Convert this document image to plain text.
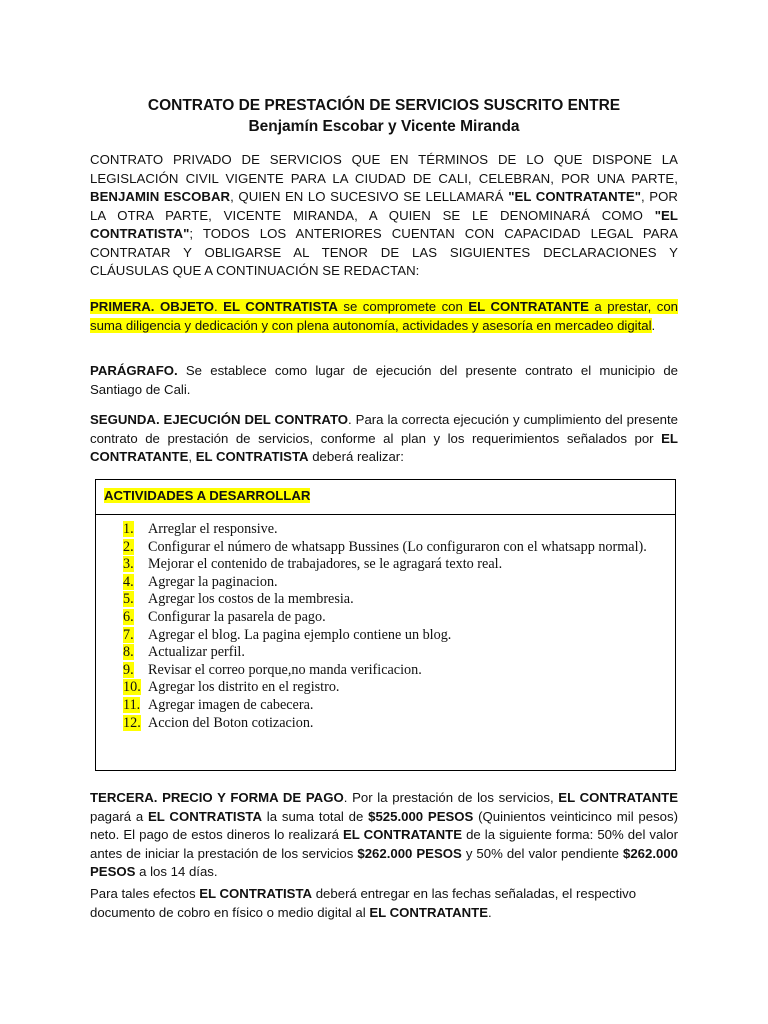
CONTRATO DE PRESTACIÓN DE SERVICIOS SUSCRITO ENTRE
Benjamín Escobar y Vicente Miranda
CONTRATO PRIVADO DE SERVICIOS QUE EN TÉRMINOS DE LO QUE DISPONE LA LEGISLACIÓN CIVIL VIGENTE PARA LA CIUDAD DE CALI, CELEBRAN, POR UNA PARTE, BENJAMIN ESCOBAR, QUIEN EN LO SUCESIVO SE LELLAMARÁ "EL CONTRATANTE", POR LA OTRA PARTE, VICENTE MIRANDA, A QUIEN SE LE DENOMINARÁ COMO "EL CONTRATISTA"; TODOS LOS ANTERIORES CUENTAN CON CAPACIDAD LEGAL PARA CONTRATAR Y OBLIGARSE AL TENOR DE LAS SIGUIENTES DECLARACIONES Y CLÁUSULAS QUE A CONTINUACIÓN SE REDACTAN:
PRIMERA. OBJETO. EL CONTRATISTA se compromete con EL CONTRATANTE a prestar, con suma diligencia y dedicación y con plena autonomía, actividades y asesoría en mercadeo digital.
PARÁGRAFO. Se establece como lugar de ejecución del presente contrato el municipio de Santiago de Cali.
SEGUNDA. EJECUCIÓN DEL CONTRATO. Para la correcta ejecución y cumplimiento del presente contrato de prestación de servicios, conforme al plan y los requerimientos señalados por EL CONTRATANTE, EL CONTRATISTA deberá realizar:
ACTIVIDADES A DESARROLLAR
1.	Arreglar el responsive.
2.	Configurar el número de whatsapp Bussines (Lo configuraron con el whatsapp normal).
3.	Mejorar el contenido de trabajadores, se le agragará texto real.
4.	Agregar la paginacion.
5.	Agregar los costos de la membresia.
6.	Configurar la pasarela de pago.
7.	Agregar el blog. La pagina ejemplo contiene un blog.
8.	Actualizar perfil.
9.	Revisar el correo porque,no manda verificacion.
10. Agregar los distrito en el registro.
11. Agregar imagen de cabecera.
12. Accion del Boton cotizacion.
TERCERA. PRECIO Y FORMA DE PAGO. Por la prestación de los servicios, EL CONTRATANTE pagará a EL CONTRATISTA la suma total de $525.000 PESOS (Quinientos veinticinco mil pesos) neto. El pago de estos dineros lo realizará EL CONTRATANTE de la siguiente forma: 50% del valor antes de iniciar la prestación de los servicios $262.000 PESOS y 50% del valor pendiente $262.000 PESOS a los 14 días.
Para tales efectos EL CONTRATISTA deberá entregar en las fechas señaladas, el respectivo documento de cobro en físico o medio digital al EL CONTRATANTE.
